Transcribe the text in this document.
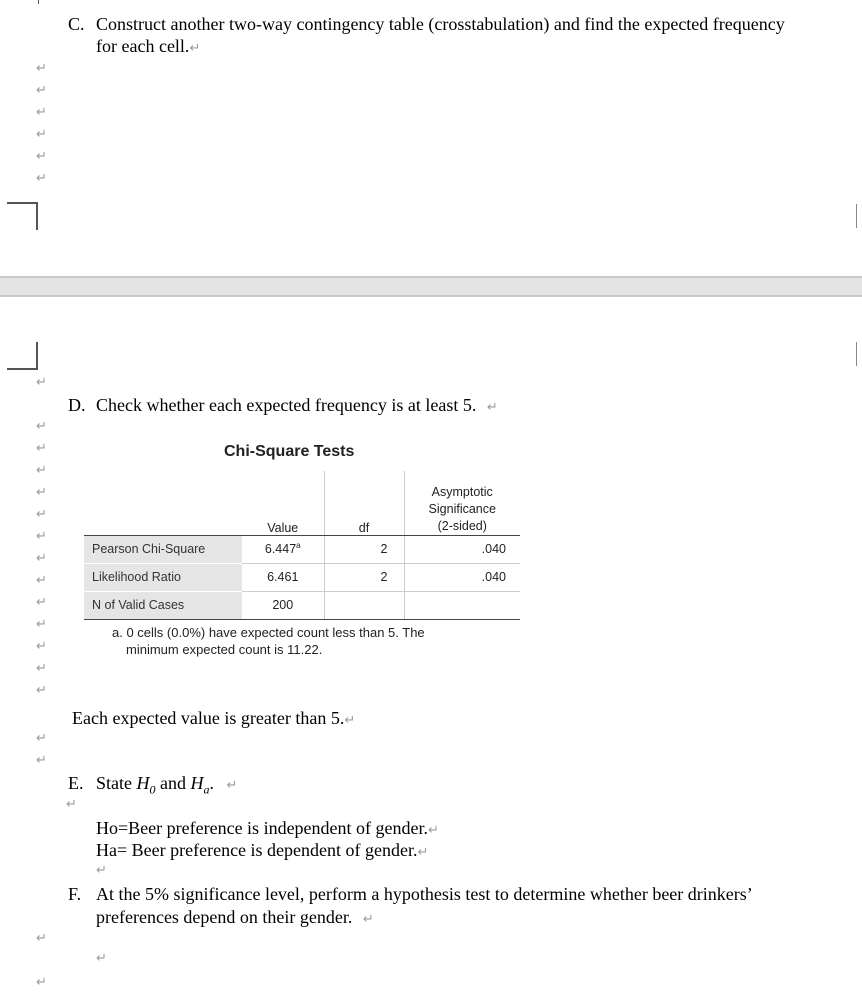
C. Construct another two-way contingency table (crosstabulation) and find the expected frequency
for each cell.↵
↵
↵
↵
↵
↵
↵
↵
↵
↵
↵
↵
↵
↵
↵
↵
↵
↵
↵
↵
↵
↵
↵
↵
↵
D. Check whether each expected frequency is at least 5. ↵
Chi-Square Tests
	Value	df	Asymptotic
Significance
(2-sided)

Pearson Chi-Square	6.447$^a$	2	.040
Likelihood Ratio	6.461	2	.040
N of Valid Cases	200		
a. 0 cells (0.0%) have expected count less than 5. The
minimum expected count is 11.22.
Each expected value is greater than 5.↵
E. State $H_0$ and $H_a$. ↵
↵
Ho=Beer preference is independent of gender.↵
Ha= Beer preference is dependent of gender.↵
↵
F. At the 5% significance level, perform a hypothesis test to determine whether beer drinkers’
preferences depend on their gender. ↵
↵
